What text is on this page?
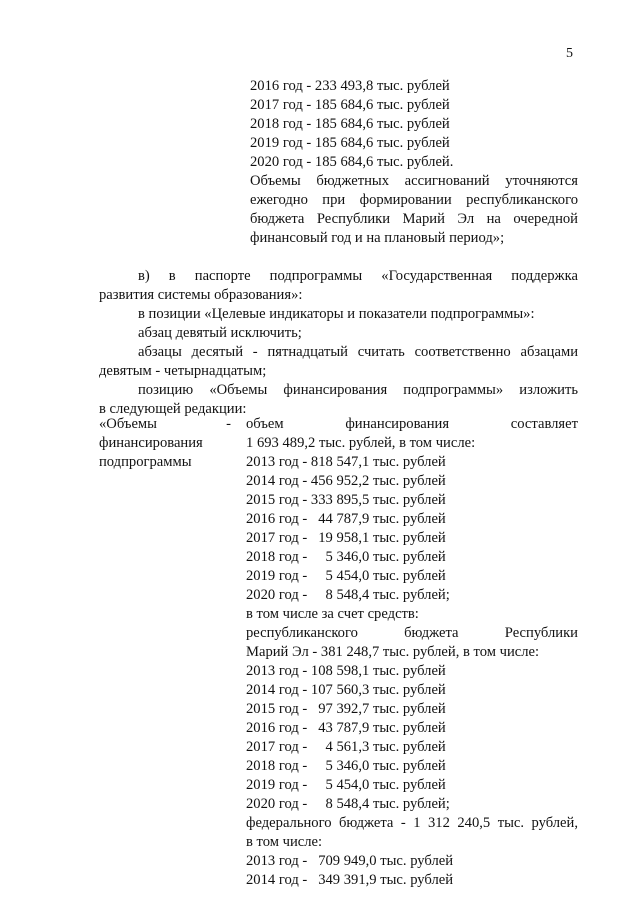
5
2016 год - 233 493,8 тыс. рублей
2017 год - 185 684,6 тыс. рублей
2018 год - 185 684,6 тыс. рублей
2019 год - 185 684,6 тыс. рублей
2020 год - 185 684,6 тыс. рублей.
Объемы бюджетных ассигнований уточняются
ежегодно при формировании республиканского
бюджета Республики Марий Эл на очередной
финансовый год и на плановый период»;
в) в паспорте подпрограммы «Государственная поддержка
развития системы образования»:
в позиции «Целевые индикаторы и показатели подпрограммы»:
абзац девятый исключить;
абзацы десятый - пятнадцатый считать соответственно абзацами
девятым - четырнадцатым;
позицию «Объемы финансирования подпрограммы» изложить
в следующей редакции:
«Объемы -
финансирования
подпрограммы
объем финансирования составляет
1 693 489,2 тыс. рублей, в том числе:
2013 год - 818 547,1 тыс. рублей
2014 год - 456 952,2 тыс. рублей
2015 год - 333 895,5 тыс. рублей
2016 год -   44 787,9 тыс. рублей
2017 год -   19 958,1 тыс. рублей
2018 год -     5 346,0 тыс. рублей
2019 год -     5 454,0 тыс. рублей
2020 год -     8 548,4 тыс. рублей;
в том числе за счет средств:
республиканского бюджета Республики
Марий Эл - 381 248,7 тыс. рублей, в том числе:
2013 год - 108 598,1 тыс. рублей
2014 год - 107 560,3 тыс. рублей
2015 год -   97 392,7 тыс. рублей
2016 год -   43 787,9 тыс. рублей
2017 год -     4 561,3 тыс. рублей
2018 год -     5 346,0 тыс. рублей
2019 год -     5 454,0 тыс. рублей
2020 год -     8 548,4 тыс. рублей;
федерального бюджета - 1 312 240,5 тыс. рублей,
в том числе:
2013 год -   709 949,0 тыс. рублей
2014 год -   349 391,9 тыс. рублей
